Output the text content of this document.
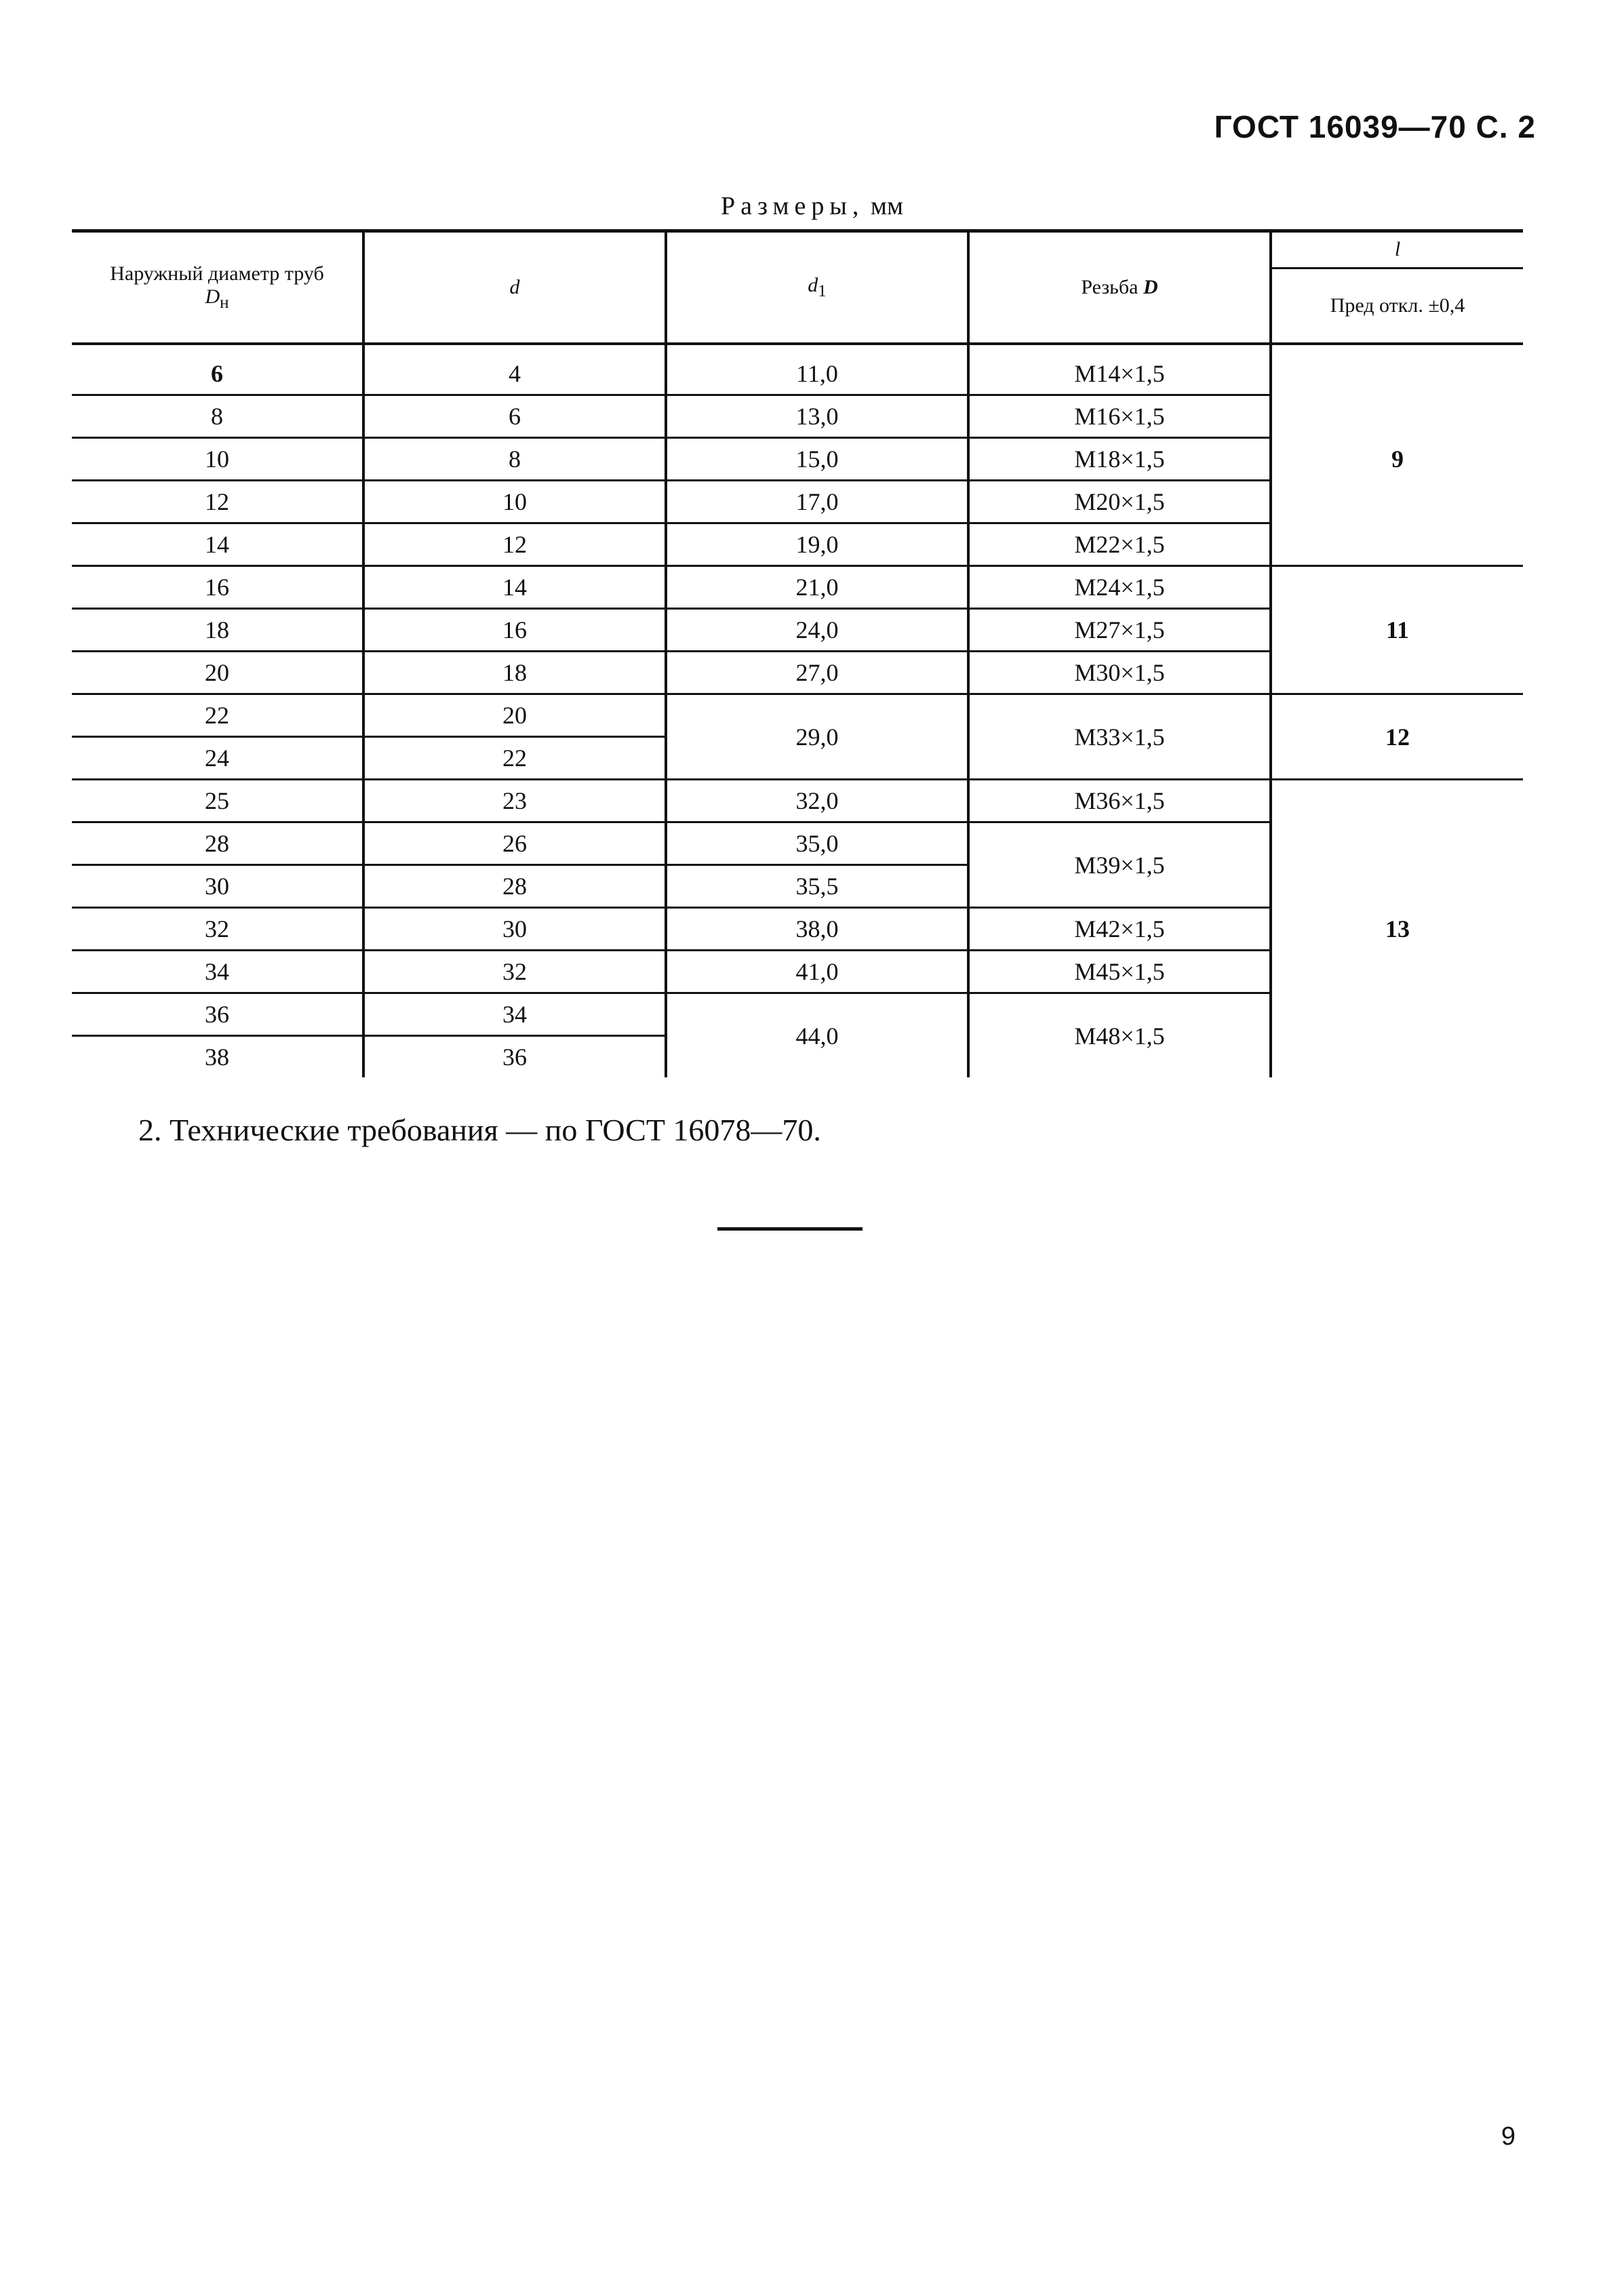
ГОСТ 16039—70 С. 2
Размеры, мм
Наружный диаметр труб
$D_н$	d	$d_1$	Резьба D	l
				Пред откл. ±0,4
6	4	11,0	М14×1,5	9
8	6	13,0	М16×1,5	
10	8	15,0	М18×1,5	
12	10	17,0	М20×1,5	
14	12	19,0	М22×1,5	
16	14	21,0	М24×1,5	11
18	16	24,0	М27×1,5	
20	18	27,0	М30×1,5	
22	20	29,0	М33×1,5	12
24	22			
25	23	32,0	М36×1,5	13
28	26	35,0	М39×1,5	
30	28	35,5		
32	30	38,0	М42×1,5	
34	32	41,0	М45×1,5	
36	34	44,0	М48×1,5	
38	36			
2. Технические требования — по ГОСТ 16078—70.
9
